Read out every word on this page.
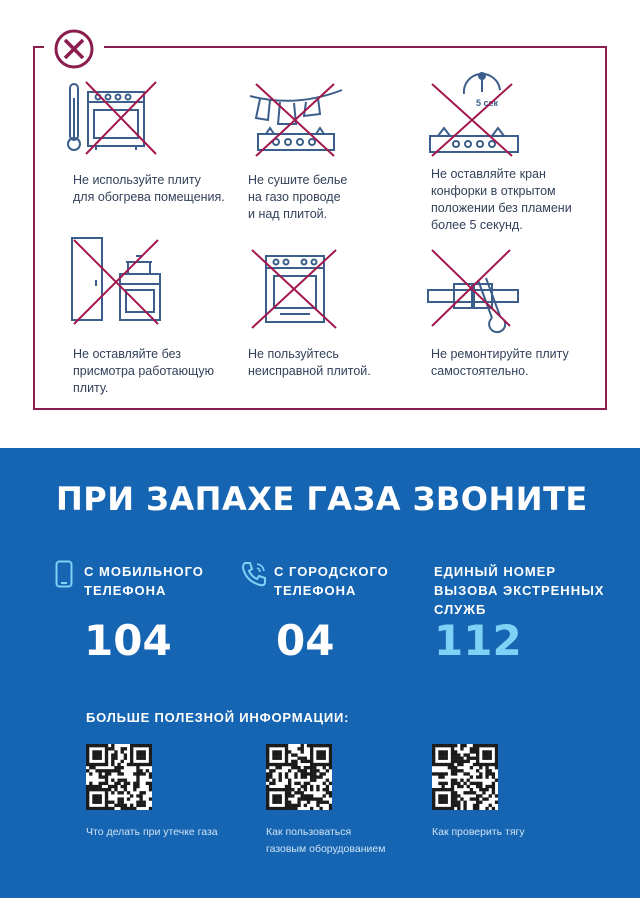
Не используйте плиту
для обогрева помещения.
Не сушите белье
на газо проводе
и над плитой.
5 сек
Не оставляйте кран
конфорки в открытом
положении без пламени
более 5 секунд.
Не оставляйте без
присмотра работающую
плиту.
Не пользуйтесь
неисправной плитой.
Не ремонтируйте плиту
самостоятельно.
ПРИ ЗАПАХЕ ГАЗА ЗВОНИТЕ
С МОБИЛЬНОГО
ТЕЛЕФОНА
104
С ГОРОДСКОГО
ТЕЛЕФОНА
04
ЕДИНЫЙ НОМЕР
ВЫЗОВА ЭКСТРЕННЫХ
СЛУЖБ
112
БОЛЬШЕ ПОЛЕЗНОЙ ИНФОРМАЦИИ:
Что делать при утечке газа	Как пользоваться
газовым оборудованием
Как проверить тягу
